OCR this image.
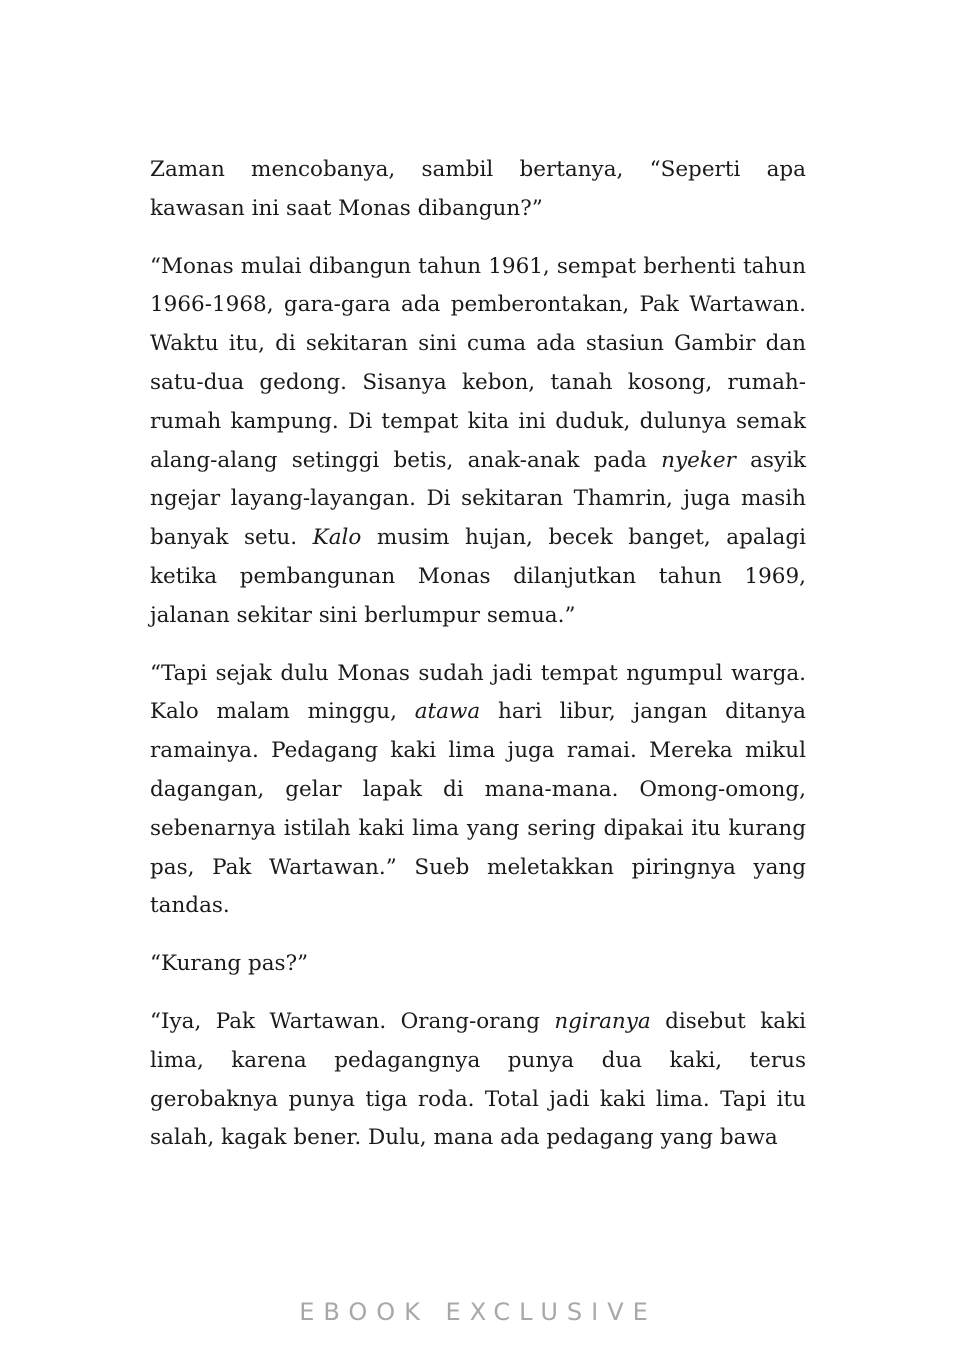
Zaman mencobanya, sambil bertanya, “Seperti apa kawasan ini saat Monas dibangun?”

“Monas mulai dibangun tahun 1961, sempat berhenti tahun 1966-1968, gara-gara ada pemberontakan, Pak Wartawan. Waktu itu, di sekitaran sini cuma ada stasiun Gambir dan satu-dua gedong. Sisanya kebon, tanah kosong, rumah-rumah kampung. Di tempat kita ini duduk, dulunya semak alang-alang setinggi betis, anak-anak pada nyeker asyik ngejar layang-layangan. Di sekitaran Thamrin, juga masih banyak setu. Kalo musim hujan, becek banget, apalagi ketika pembangunan Monas dilanjutkan tahun 1969, jalanan sekitar sini berlumpur semua.”

“Tapi sejak dulu Monas sudah jadi tempat ngumpul warga. Kalo malam minggu, atawa hari libur, jangan ditanya ramainya. Pedagang kaki lima juga ramai. Mereka mikul dagangan, gelar lapak di mana-mana. Omong-omong, sebenarnya istilah kaki lima yang sering dipakai itu kurang pas, Pak Wartawan.” Sueb meletakkan piringnya yang tandas.

“Kurang pas?”

“Iya, Pak Wartawan. Orang-orang ngiranya disebut kaki lima, karena pedagangnya punya dua kaki, terus gerobaknya punya tiga roda. Total jadi kaki lima. Tapi itu salah, kagak bener. Dulu, mana ada pedagang yang bawa

EBOOK EXCLUSIVE
